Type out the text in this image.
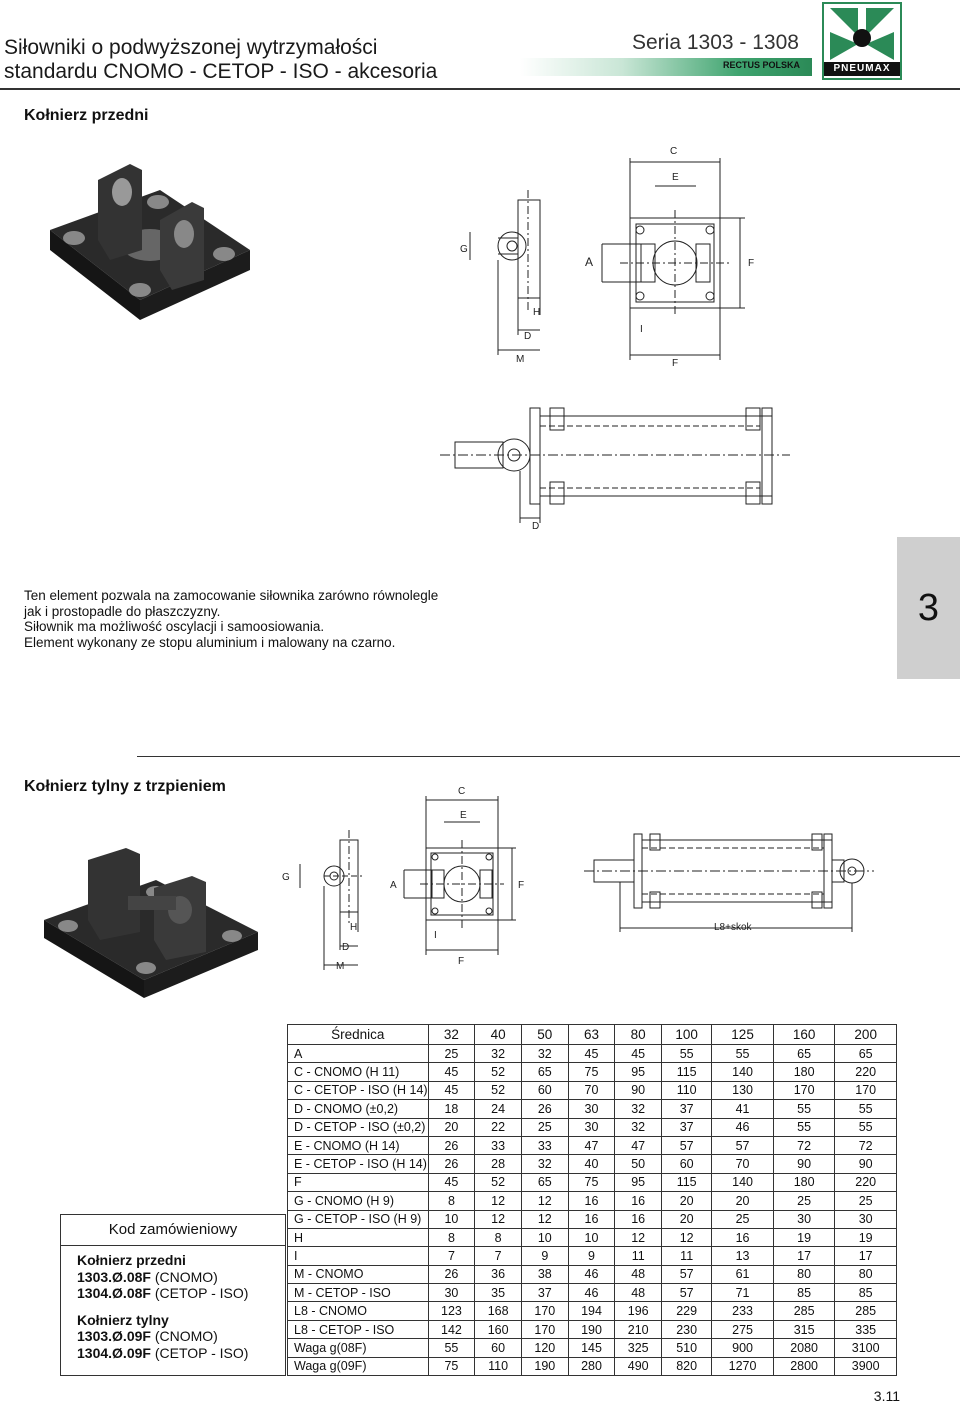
Siłowniki o podwyższonej wytrzymałości
standardu CNOMO - CETOP - ISO - akcesoria
Seria 1303 - 1308
RECTUS POLSKA	PNEUMAX
Kołnierz przedni
C
E
G
A	F
H
D
M
I
F
D
Ten element pozwala na zamocowanie siłownika zarówno równolegle
jak i prostopadle do płaszczyzny.
Siłownik ma możliwość oscylacji i samoosiowania.
Element wykonany ze stopu aluminium i malowany na czarno.
3
Kołnierz tylny z trzpieniem	C
E
G
A	F
H
D
M
I
F
L8+skok
Kod zamówieniowy
Kołnierz przedni
1303.Ø.08F (CNOMO)
1304.Ø.08F (CETOP - ISO)
Kołnierz tylny
1303.Ø.09F (CNOMO)
1304.Ø.09F (CETOP - ISO)
Średnica	32	40	50	63	80	100	125	160	200
A	25	32	32	45	45	55	55	65	65
C - CNOMO (H 11)	45	52	65	75	95	115	140	180	220
C - CETOP - ISO (H 14)	45	52	60	70	90	110	130	170	170
D - CNOMO (±0,2)	18	24	26	30	32	37	41	55	55
D - CETOP - ISO (±0,2)	20	22	25	30	32	37	46	55	55
E - CNOMO (H 14)	26	33	33	47	47	57	57	72	72
E - CETOP - ISO (H 14)	26	28	32	40	50	60	70	90	90
F	45	52	65	75	95	115	140	180	220
G - CNOMO (H 9)	8	12	12	16	16	20	20	25	25
G - CETOP - ISO (H 9)	10	12	12	16	16	20	25	30	30
H	8	8	10	10	12	12	16	19	19
I	7	7	9	9	11	11	13	17	17
M - CNOMO	26	36	38	46	48	57	61	80	80
M - CETOP - ISO	30	35	37	46	48	57	71	85	85
L8 - CNOMO	123	168	170	194	196	229	233	285	285
L8 - CETOP - ISO	142	160	170	190	210	230	275	315	335
Waga g(08F)	55	60	120	145	325	510	900	2080	3100
Waga g(09F)	75	110	190	280	490	820	1270	2800	3900
3.11
